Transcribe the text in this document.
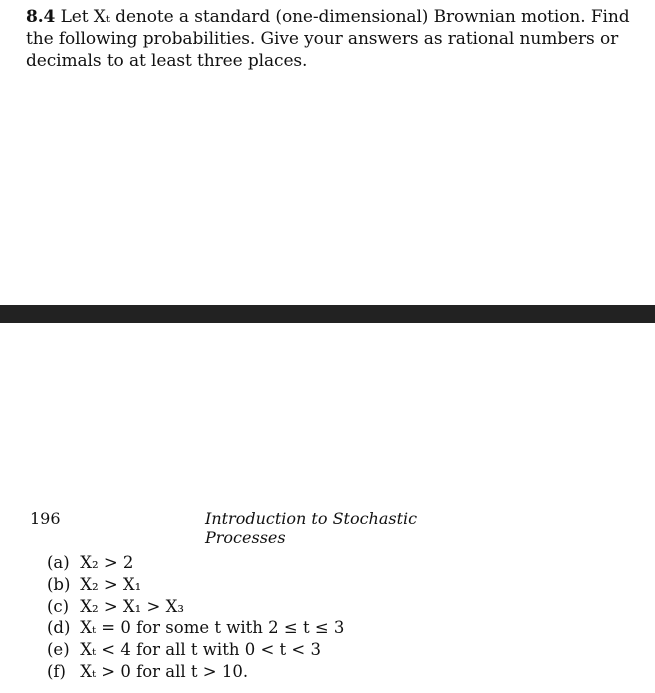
8.4 Let Xₜ denote a standard (one-dimensional) Brownian motion. Find the following probabilities. Give your answers as rational numbers or decimals to at least three places.
196	Introduction to Stochastic Processes
(a) X₂ > 2
(b) X₂ > X₁
(c) X₂ > X₁ > X₃
(d) Xₜ = 0 for some t with 2 ≤ t ≤ 3
(e) Xₜ < 4 for all t with 0 < t < 3
(f) Xₜ > 0 for all t > 10.
